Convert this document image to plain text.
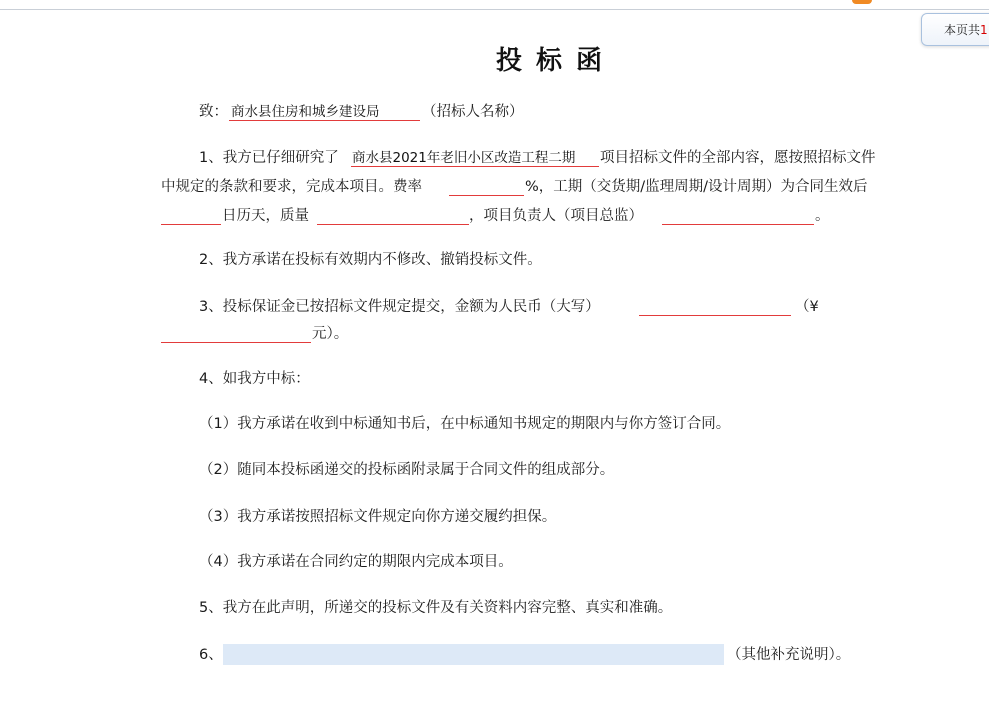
本页共1
投标函
致： 商水县住房和城乡建设局	（招标人名称）
1、我方已仔细研究了 商水县2021年老旧小区改造工程二期 项目招标文件的全部内容，愿按照招标文件
中规定的条款和要求，完成本项目。费率	%，工期（交货期/监理周期/设计周期）为合同生效后
日历天，质量	，项目负责人（项目总监）	。
2、我方承诺在投标有效期内不修改、撤销投标文件。
3、投标保证金已按招标文件规定提交，金额为人民币（大写）	（¥
元）。
4、如我方中标：
（1）我方承诺在收到中标通知书后，在中标通知书规定的期限内与你方签订合同。
（2）随同本投标函递交的投标函附录属于合同文件的组成部分。
（3）我方承诺按照招标文件规定向你方递交履约担保。
（4）我方承诺在合同约定的期限内完成本项目。
5、我方在此声明，所递交的投标文件及有关资料内容完整、真实和准确。
6、	（其他补充说明）。
